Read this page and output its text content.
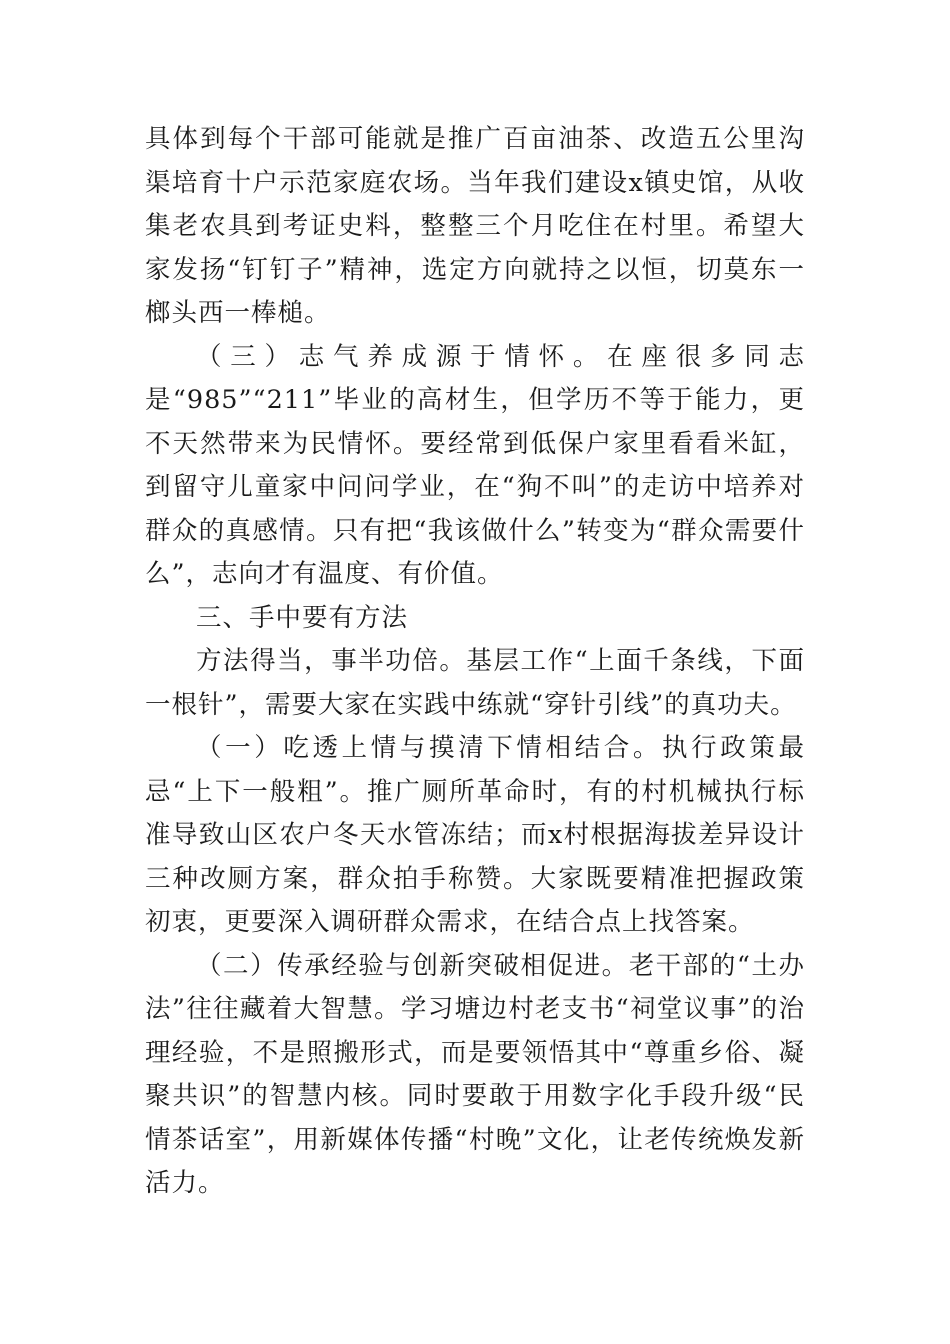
具体到每个干部可能就是推广百亩油茶、改造五公里沟渠培育十户示范家庭农场。当年我们建设x镇史馆，从收集老农具到考证史料，整整三个月吃住在村里。希望大家发扬“钉钉子”精神，选定方向就持之以恒，切莫东一榔头西一棒槌。

（三）志气养成源于情怀。在座很多同志是“985”“211”毕业的高材生，但学历不等于能力，更不天然带来为民情怀。要经常到低保户家里看看米缸，到留守儿童家中问问学业，在“狗不叫”的走访中培养对群众的真感情。只有把“我该做什么”转变为“群众需要什么”，志向才有温度、有价值。

三、手中要有方法

方法得当，事半功倍。基层工作“上面千条线，下面一根针”，需要大家在实践中练就“穿针引线”的真功夫。

（一）吃透上情与摸清下情相结合。执行政策最忌“上下一般粗”。推广厕所革命时，有的村机械执行标准导致山区农户冬天水管冻结；而x村根据海拔差异设计三种改厕方案，群众拍手称赞。大家既要精准把握政策初衷，更要深入调研群众需求，在结合点上找答案。

（二）传承经验与创新突破相促进。老干部的“土办法”往往藏着大智慧。学习塘边村老支书“祠堂议事”的治理经验，不是照搬形式，而是要领悟其中“尊重乡俗、凝聚共识”的智慧内核。同时要敢于用数字化手段升级“民情茶话室”，用新媒体传播“村晚”文化，让老传统焕发新活力。
